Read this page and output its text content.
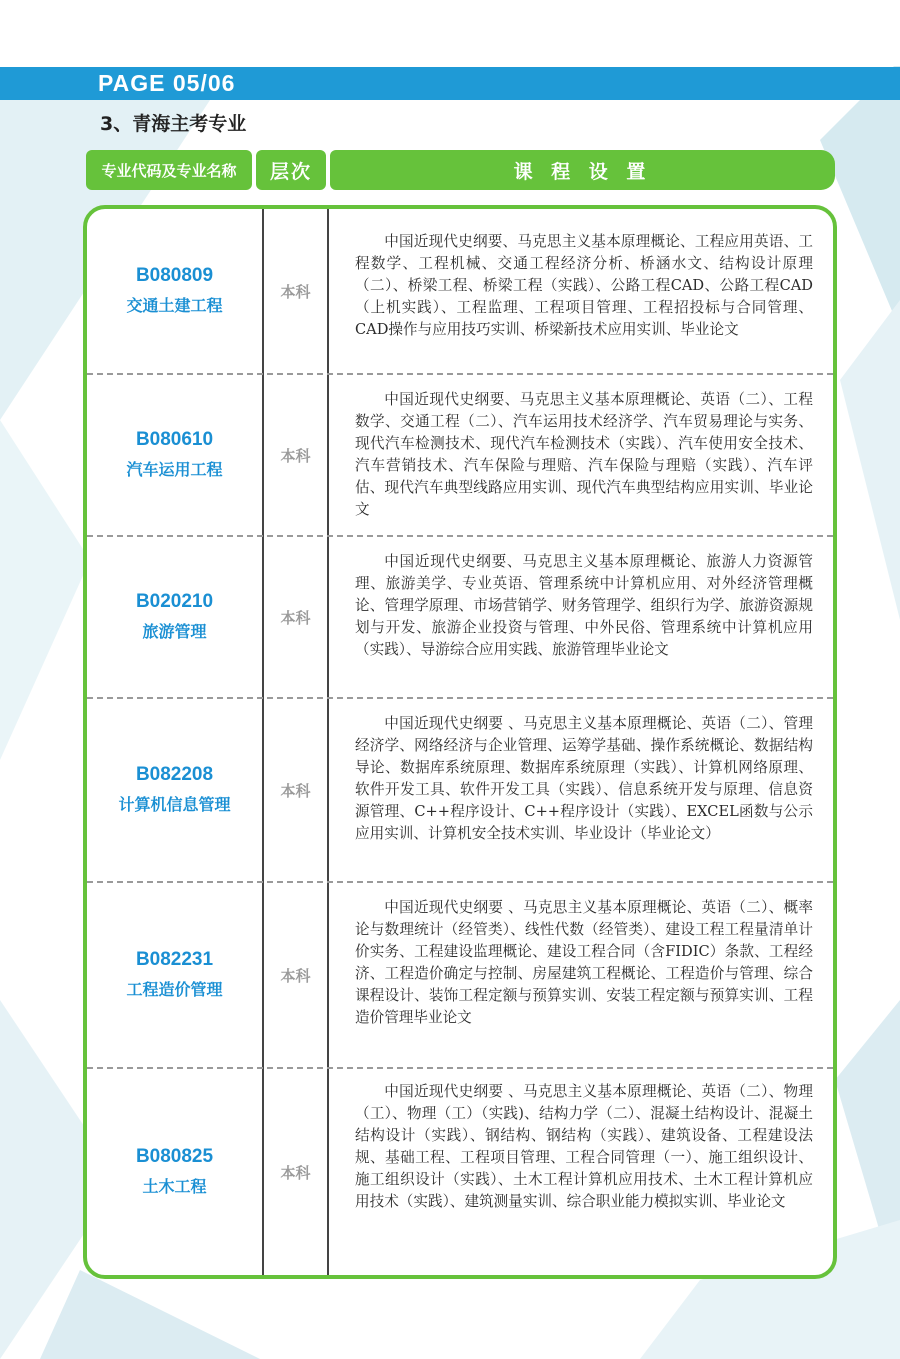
PAGE 05/06
3、青海主考专业
专业代码及专业名称	层次	课 程 设 置
B080809
交通土建工程
本科
中国近现代史纲要、马克思主义基本原理概论、工程应用英语、工程数学、工程机械、交通工程经济分析、桥涵水文、结构设计原理（二）、桥梁工程、桥梁工程（实践）、公路工程CAD、公路工程CAD（上机实践）、工程监理、工程项目管理、工程招投标与合同管理、CAD操作与应用技巧实训、桥梁新技术应用实训、毕业论文
B080610
汽车运用工程
本科
中国近现代史纲要、马克思主义基本原理概论、英语（二）、工程数学、交通工程（二）、汽车运用技术经济学、汽车贸易理论与实务、现代汽车检测技术、现代汽车检测技术（实践）、汽车使用安全技术、汽车营销技术、汽车保险与理赔、汽车保险与理赔（实践）、汽车评估、现代汽车典型线路应用实训、现代汽车典型结构应用实训、毕业论文
B020210
旅游管理
本科
中国近现代史纲要、马克思主义基本原理概论、旅游人力资源管理、旅游美学、专业英语、管理系统中计算机应用、对外经济管理概论、管理学原理、市场营销学、财务管理学、组织行为学、旅游资源规划与开发、旅游企业投资与管理、中外民俗、管理系统中计算机应用（实践）、导游综合应用实践、旅游管理毕业论文
B082208
计算机信息管理
本科
中国近现代史纲要 、马克思主义基本原理概论、英语（二）、管理经济学、网络经济与企业管理、运筹学基础、操作系统概论、数据结构导论、数据库系统原理、数据库系统原理（实践）、计算机网络原理、软件开发工具、软件开发工具（实践）、信息系统开发与原理、信息资源管理、C++程序设计、C++程序设计（实践）、EXCEL函数与公示应用实训、计算机安全技术实训、毕业设计（毕业论文）
B082231
工程造价管理
本科
中国近现代史纲要 、马克思主义基本原理概论、英语（二）、概率论与数理统计（经管类）、线性代数（经管类）、建设工程工程量清单计价实务、工程建设监理概论、建设工程合同（含FIDIC）条款、工程经济、工程造价确定与控制、房屋建筑工程概论、工程造价与管理、综合课程设计、装饰工程定额与预算实训、安装工程定额与预算实训、工程造价管理毕业论文
B080825
土木工程
本科
中国近现代史纲要 、马克思主义基本原理概论、英语（二）、物理（工）、物理（工）（实践)、结构力学（二）、混凝土结构设计、混凝土结构设计（实践）、钢结构、钢结构（实践）、建筑设备、工程建设法规、基础工程、工程项目管理、工程合同管理（一）、施工组织设计、施工组织设计（实践）、土木工程计算机应用技术、土木工程计算机应用技术（实践）、建筑测量实训、综合职业能力模拟实训、毕业论文
